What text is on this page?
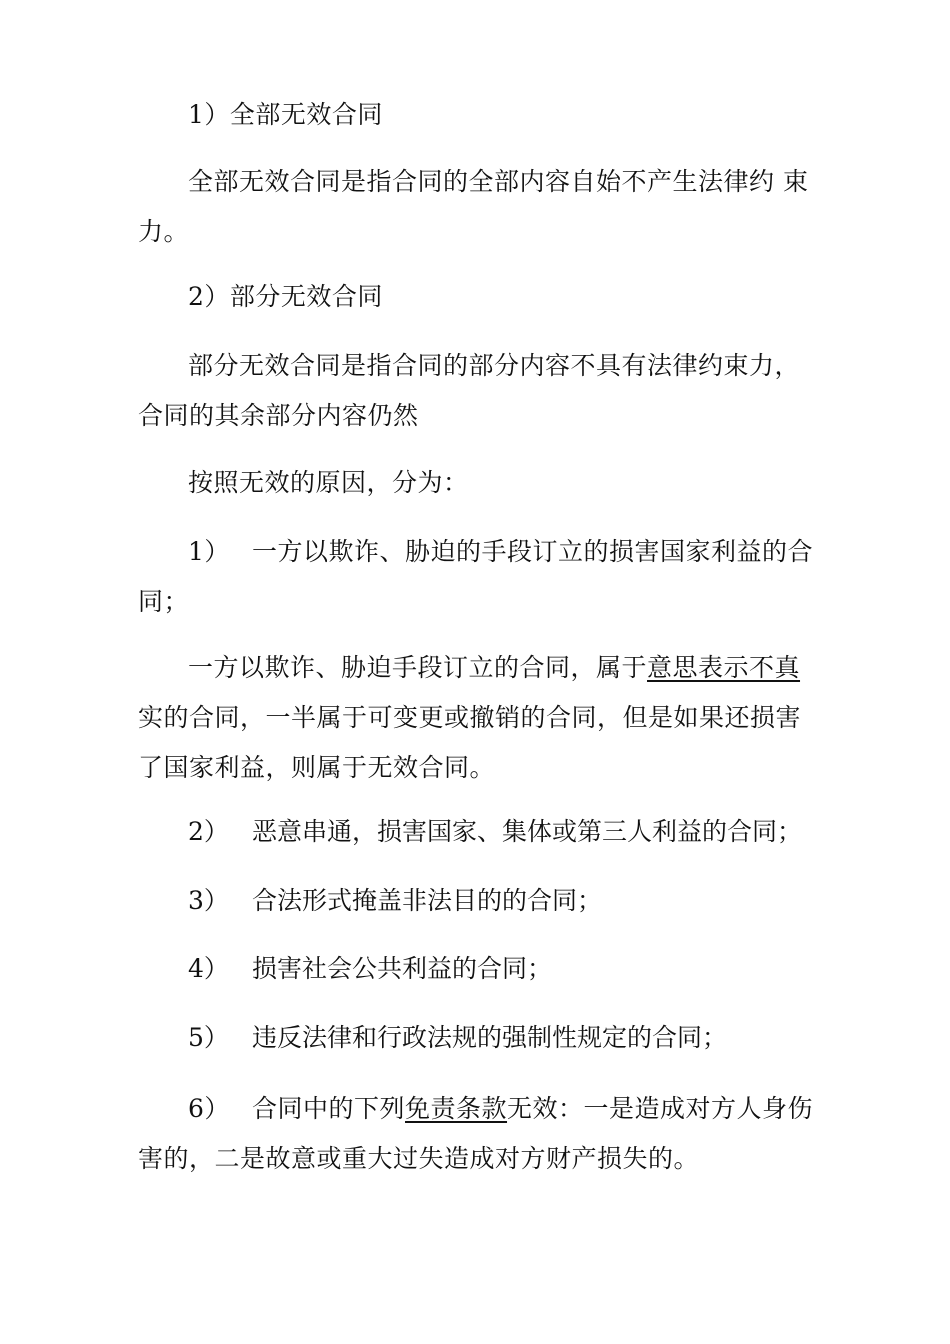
1）全部无效合同

全部无效合同是指合同的全部内容自始不产生法律约 束
力。

2）部分无效合同

部分无效合同是指合同的部分内容不具有法律约束力，
合同的其余部分内容仍然

按照无效的原因，分为：

1） 一方以欺诈、胁迫的手段订立的损害国家利益的合
同；

一方以欺诈、胁迫手段订立的合同，属于意思表示不真
实的合同，一半属于可变更或撤销的合同，但是如果还损害
了国家利益，则属于无效合同。

2） 恶意串通，损害国家、集体或第三人利益的合同；

3） 合法形式掩盖非法目的的合同；

4） 损害社会公共利益的合同；

5） 违反法律和行政法规的强制性规定的合同；

6） 合同中的下列免责条款无效：一是造成对方人身伤
害的，二是故意或重大过失造成对方财产损失的。
